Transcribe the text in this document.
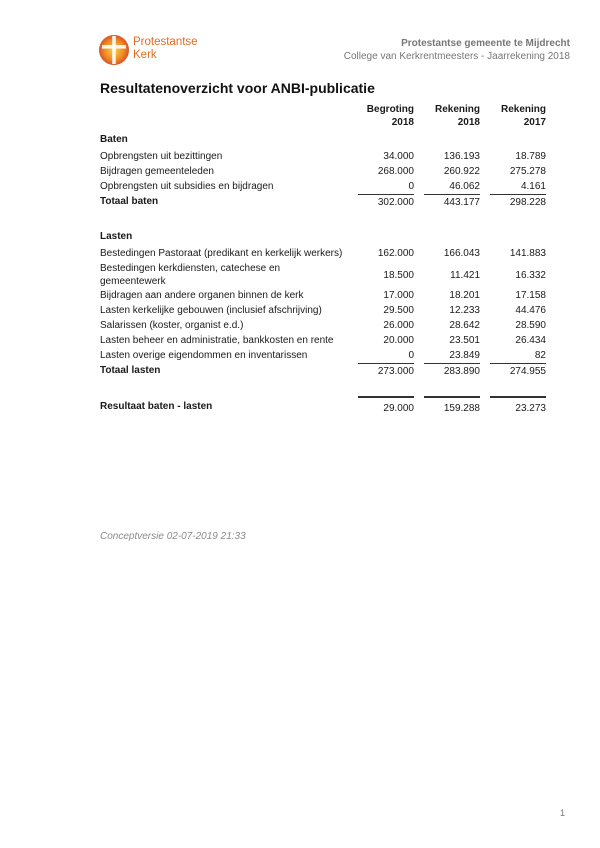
Protestantse
Kerk
Protestantse gemeente te Mijdrecht
College van Kerkrentmeesters - Jaarrekening 2018
Resultatenoverzicht voor ANBI-publicatie
Begroting
2018
Rekening
2018
Rekening
2017
Baten
Opbrengsten uit bezittingen	34.000	136.193	18.789
Bijdragen gemeenteleden	268.000	260.922	275.278
Opbrengsten uit subsidies en bijdragen	0	46.062	4.161
Totaal baten	302.000	443.177	298.228
Lasten
Bestedingen Pastoraat (predikant en kerkelijk werkers)	162.000	166.043	141.883
Bestedingen kerkdiensten, catechese en gemeentewerk
18.500	11.421	16.332
Bijdragen aan andere organen binnen de kerk	17.000	18.201	17.158
Lasten kerkelijke gebouwen (inclusief afschrijving)	29.500	12.233	44.476
Salarissen (koster, organist e.d.)	26.000	28.642	28.590
Lasten beheer en administratie, bankkosten en rente	20.000	23.501	26.434
Lasten overige eigendommen en inventarissen	0	23.849	82
Totaal lasten	273.000	283.890	274.955
Resultaat baten - lasten	29.000	159.288	23.273
Conceptversie 02-07-2019 21:33
1
